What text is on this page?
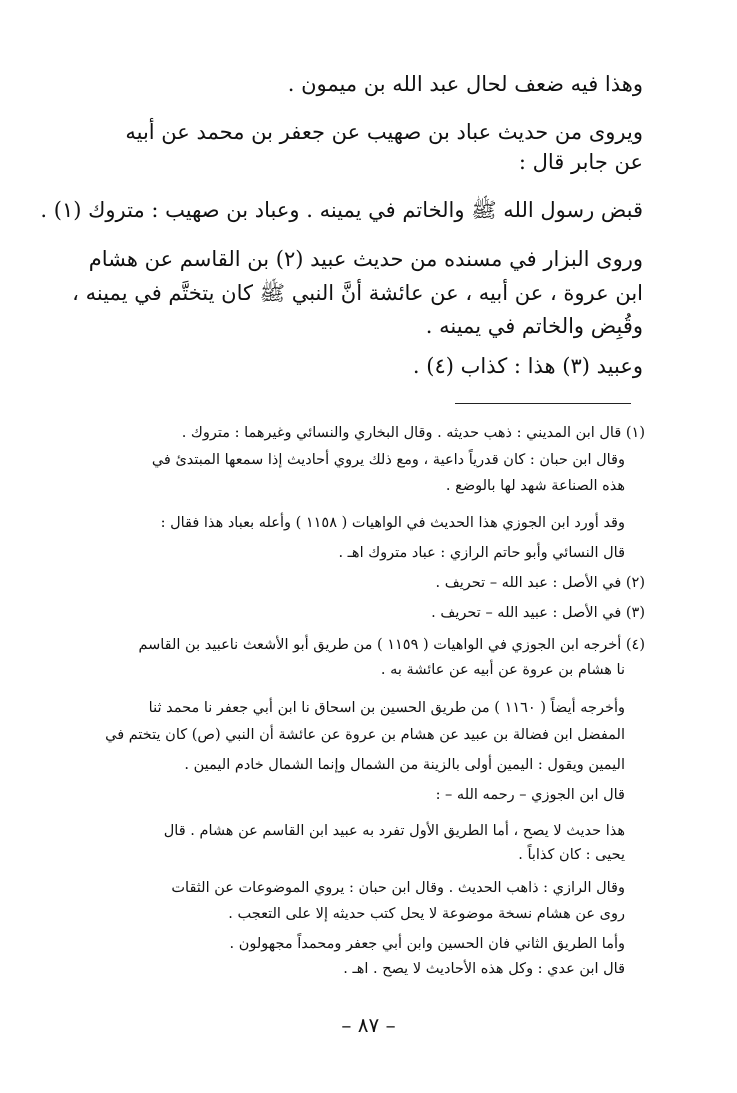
وهذا فيه ضعف لحال عبد الله بن ميمون .
ويروى من حديث عباد بن صهيب عن جعفر بن محمد عن أبيه
عن جابر قال :
قبض رسول الله ﷺ والخاتم في يمينه . وعباد بن صهيب : متروك (١) .
وروى البزار في مسنده من حديث عبيد (٢) بن القاسم عن هشام
ابن عروة ، عن أبيه ، عن عائشة أنَّ النبي ﷺ كان يتختَّم في يمينه ،
وقُبِض والخاتم في يمينه .
وعبيد (٣) هذا : كذاب (٤) .
(١) قال ابن المديني : ذهب حديثه . وقال البخاري والنسائي وغيرهما : متروك .
وقال ابن حبان : كان قدرياً داعية ، ومع ذلك يروي أحاديث إذا سمعها المبتدئ في
هذه الصناعة شهد لها بالوضع .
وقد أورد ابن الجوزي هذا الحديث في الواهيات ( ١١٥٨ ) وأعله بعباد هذا فقال :
قال النسائي وأبو حاتم الرازي : عباد متروك اهـ .
(٢) في الأصل : عبد الله – تحريف .
(٣) في الأصل : عبيد الله – تحريف .
(٤) أخرجه ابن الجوزي في الواهيات ( ١١٥٩ ) من طريق أبو الأشعث ناعبيد بن القاسم
نا هشام بن عروة عن أبيه عن عائشة به .
وأخرجه أيضاً ( ١١٦٠ ) من طريق الحسين بن اسحاق نا ابن أبي جعفر نا محمد ثنا
المفضل ابن فضالة بن عبيد عن هشام بن عروة عن عائشة أن النبي (ص) كان يتختم في
اليمين ويقول : اليمين أولى بالزينة من الشمال وإنما الشمال خادم اليمين .
قال ابن الجوزي – رحمه الله – :
هذا حديث لا يصح ، أما الطريق الأول تفرد به عبيد ابن القاسم عن هشام . قال
يحيى : كان كذاباً .
وقال الرازي : ذاهب الحديث . وقال ابن حبان : يروي الموضوعات عن الثقات
روى عن هشام نسخة موضوعة لا يحل كتب حديثه إلا على التعجب .
وأما الطريق الثاني فان الحسين وابن أبي جعفر ومحمداً مجهولون .
قال ابن عدي : وكل هذه الأحاديث لا يصح . اهـ .
– ٨٧ –
